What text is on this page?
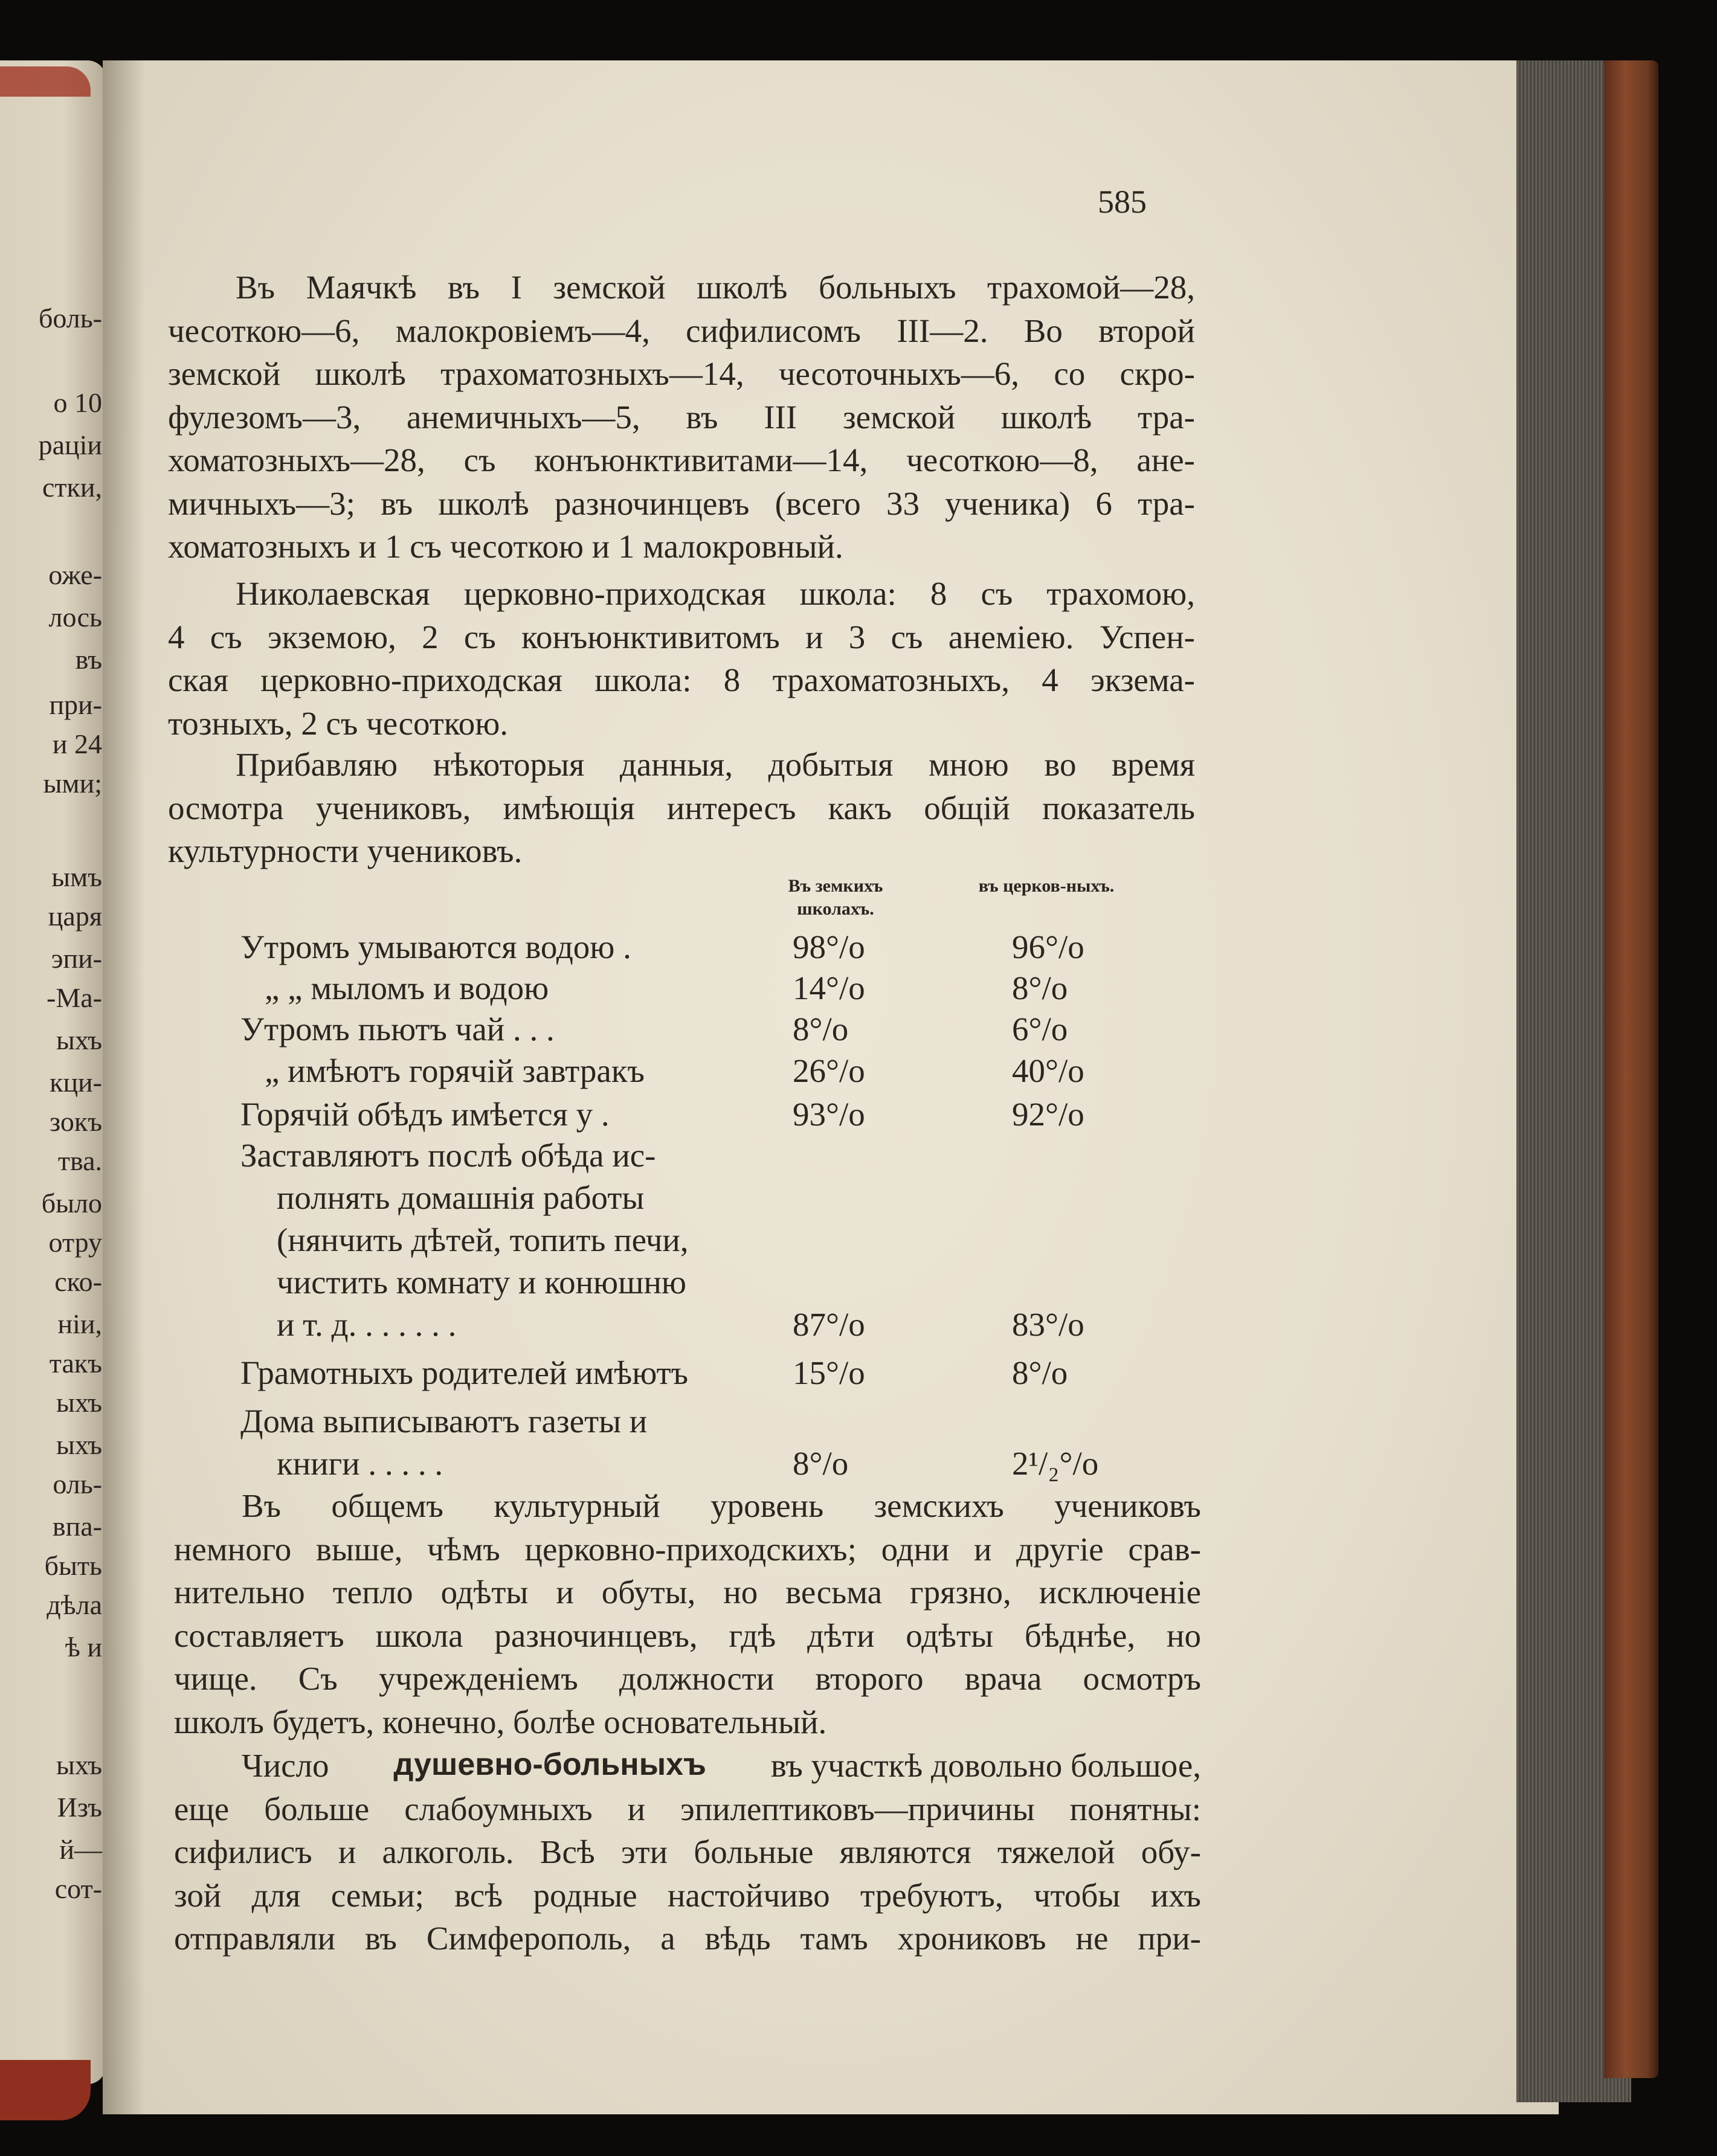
боль-
о 10
раціи
стки,
оже-
лось
въ
при-
и 24
ыми;
ымъ
царя
эпи-
-Ма-
ыхъ
кци-
зокъ
тва.
было
отру
ско-
ніи,
такъ
ыхъ
ыхъ
оль-
впа-
быть
дѣла
ѣ и
ыхъ
Изъ
й—
сот-
585
Въ Маячкѣ въ I земской школѣ больныхъ трахомой—28,
чесоткою—6, малокровіемъ—4, сифилисомъ III—2. Во второй
земской школѣ трахоматозныхъ—14, чесоточныхъ—6, со скро-
фулезомъ—3, анемичныхъ—5, въ III земской школѣ тра-
хоматозныхъ—28, съ конъюнктивитами—14, чесоткою—8, ане-
мичныхъ—3; въ школѣ разночинцевъ (всего 33 ученика) 6 тра-
хоматозныхъ и 1 съ чесоткою и 1 малокровный.
Николаевская церковно-приходская школа: 8 съ трахомою,
4 съ экземою, 2 съ конъюнктивитомъ и 3 съ анеміею. Успен-
ская церковно-приходская школа: 8 трахоматозныхъ, 4 экзема-
тозныхъ, 2 съ чесоткою.
Прибавляю нѣкоторыя данныя, добытыя мною во время
осмотра учениковъ, имѣющія интересъ какъ общій показатель
культурности учениковъ.
Въ земкихъ школахъ.
въ церков-ныхъ.
Утромъ умываются водою .	98°/o	96°/o
„ „ мыломъ и водою	14°/o	8°/o
Утромъ пьютъ чай . . .	8°/o	6°/o
„ имѣютъ горячій завтракъ	26°/o	40°/o
Горячій обѣдъ имѣется у .	93°/o	92°/o
Заставляютъ послѣ обѣда ис-
полнять домашнія работы
(нянчить дѣтей, топить печи,
чистить комнату и конюшню
и т. д. . . . . . .	87°/o	83°/o
Грамотныхъ родителей имѣютъ	15°/o	8°/o
Дома выписываютъ газеты и
книги . . . . .	8°/o	2¹/₂°/o
Въ общемъ культурный уровень земскихъ учениковъ
немного выше, чѣмъ церковно-приходскихъ; одни и другіе срав-
нительно тепло одѣты и обуты, но весьма грязно, исключеніе
составляетъ школа разночинцевъ, гдѣ дѣти одѣты бѣднѣе, но
чище. Съ учрежденіемъ должности второго врача осмотръ
школъ будетъ, конечно, болѣе основательный.
Число душевно-больныхъ въ участкѣ довольно большое,
еще больше слабоумныхъ и эпилептиковъ—причины понятны:
сифилисъ и алкоголь. Всѣ эти больные являются тяжелой обу-
зой для семьи; всѣ родные настойчиво требуютъ, чтобы ихъ
отправляли въ Симферополь, а вѣдь тамъ хрониковъ не при-
